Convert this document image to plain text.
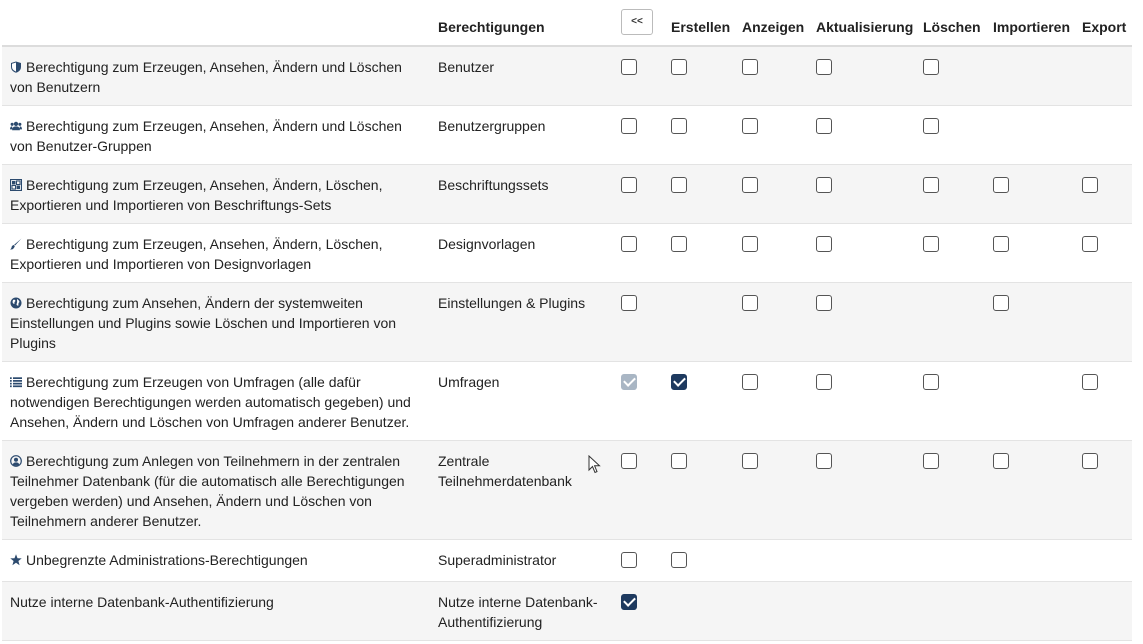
	Berechtigungen	<<	Erstellen	Anzeigen	Aktualisierung	Löschen	Importieren	Export

Berechtigung zum Erzeugen, Ansehen, Ändern und Löschen von Benutzern	Benutzer							

Berechtigung zum Erzeugen, Ansehen, Ändern und Löschen von Benutzer-Gruppen	Benutzergruppen							

Berechtigung zum Erzeugen, Ansehen, Ändern, Löschen, Exportieren und Importieren von Beschriftungs-Sets	Beschriftungssets							

Berechtigung zum Erzeugen, Ansehen, Ändern, Löschen, Exportieren und Importieren von Designvorlagen	Designvorlagen							

Berechtigung zum Ansehen, Ändern der systemweiten Einstellungen und Plugins sowie Löschen und Importieren von Plugins	Einstellungen & Plugins							

Berechtigung zum Erzeugen von Umfragen (alle dafür notwendigen Berechtigungen werden automatisch gegeben) und Ansehen, Ändern und Löschen von Umfragen anderer Benutzer.	Umfragen							

Berechtigung zum Anlegen von Teilnehmern in der zentralen Teilnehmer Datenbank (für die automatisch alle Berechtigungen vergeben werden) und Ansehen, Ändern und Löschen von Teilnehmern anderer Benutzer.	Zentrale Teilnehmerdatenbank							

Unbegrenzte Administrations-Berechtigungen	Superadministrator							
Nutze interne Datenbank-Authentifizierung	Nutze interne Datenbank-Authentifizierung							
